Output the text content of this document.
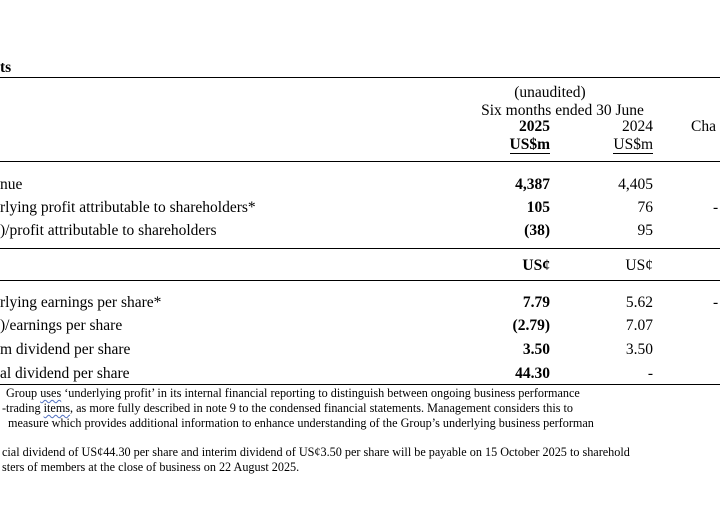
ts
(unaudited)
Six months ended 30 June
2025	2024 Cha
US$m	US$m
nue	4,387	4,405
rlying profit attributable to shareholders*	105	76	-
)/profit attributable to shareholders	(38)	95
US¢	US¢
rlying earnings per share*	7.79	5.62	-
)/earnings per share	(2.79)	7.07
m dividend per share	3.50	3.50
al dividend per share	44.30	-
Group uses ‘underlying profit’ in its internal financial reporting to distinguish between ongoing business performance
-trading items, as more fully described in note 9 to the condensed financial statements. Management considers this to
measure which provides additional information to enhance understanding of the Group’s underlying business performan
cial dividend of US¢44.30 per share and interim dividend of US¢3.50 per share will be payable on 15 October 2025 to sharehold
sters of members at the close of business on 22 August 2025.
